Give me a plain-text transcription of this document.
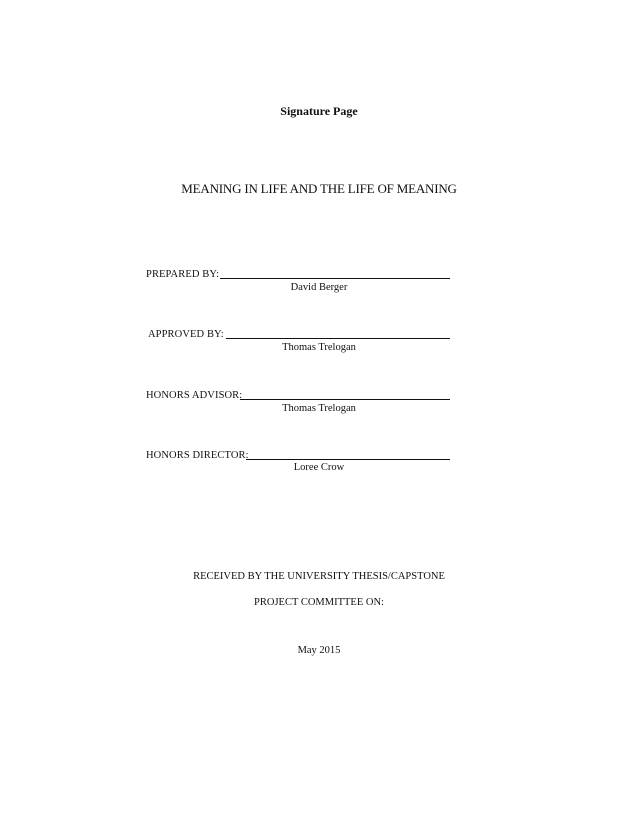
Signature Page
MEANING IN LIFE AND THE LIFE OF MEANING
PREPARED BY:
David Berger
APPROVED BY:
Thomas Trelogan
HONORS ADVISOR:
Thomas Trelogan
HONORS DIRECTOR:
Loree Crow
RECEIVED BY THE UNIVERSITY THESIS/CAPSTONE
PROJECT COMMITTEE ON:
May 2015
